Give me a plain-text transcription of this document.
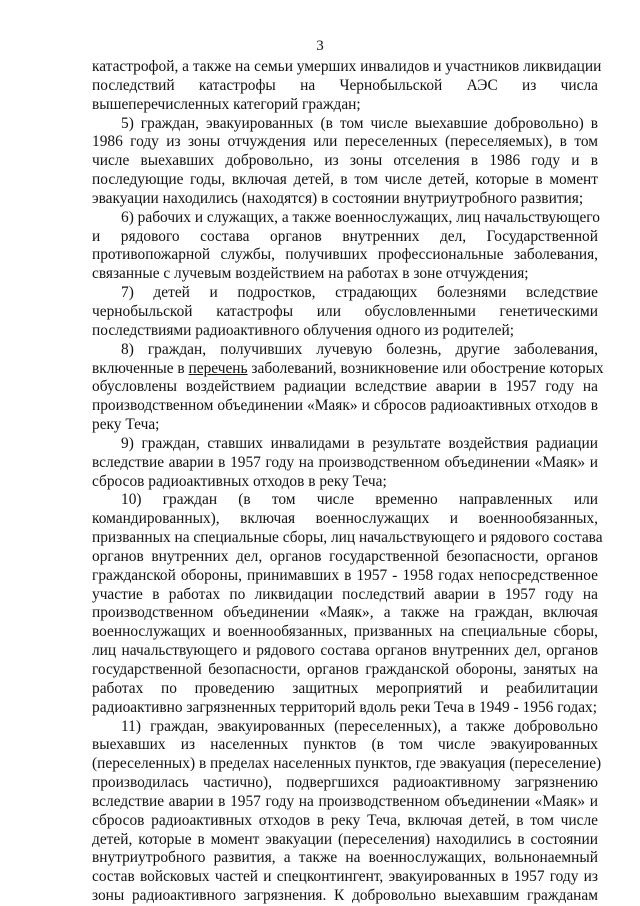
3
катастрофой, а также на семьи умерших инвалидов и участников ликвидации
последствий катастрофы на Чернобыльской АЭС из числа
вышеперечисленных категорий граждан;
5) граждан, эвакуированных (в том числе выехавшие добровольно) в
1986 году из зоны отчуждения или переселенных (переселяемых), в том
числе выехавших добровольно, из зоны отселения в 1986 году и в
последующие годы, включая детей, в том числе детей, которые в момент
эвакуации находились (находятся) в состоянии внутриутробного развития;
6) рабочих и служащих, а также военнослужащих, лиц начальствующего
и рядового состава органов внутренних дел, Государственной
противопожарной службы, получивших профессиональные заболевания,
связанные с лучевым воздействием на работах в зоне отчуждения;
7) детей и подростков, страдающих болезнями вследствие
чернобыльской катастрофы или обусловленными генетическими
последствиями радиоактивного облучения одного из родителей;
8) граждан, получивших лучевую болезнь, другие заболевания,
включенные в перечень заболеваний, возникновение или обострение которых
обусловлены воздействием радиации вследствие аварии в 1957 году на
производственном объединении «Маяк» и сбросов радиоактивных отходов в
реку Теча;
9) граждан, ставших инвалидами в результате воздействия радиации
вследствие аварии в 1957 году на производственном объединении «Маяк» и
сбросов радиоактивных отходов в реку Теча;
10) граждан (в том числе временно направленных или
командированных), включая военнослужащих и военнообязанных,
призванных на специальные сборы, лиц начальствующего и рядового состава
органов внутренних дел, органов государственной безопасности, органов
гражданской обороны, принимавших в 1957 - 1958 годах непосредственное
участие в работах по ликвидации последствий аварии в 1957 году на
производственном объединении «Маяк», а также на граждан, включая
военнослужащих и военнообязанных, призванных на специальные сборы,
лиц начальствующего и рядового состава органов внутренних дел, органов
государственной безопасности, органов гражданской обороны, занятых на
работах по проведению защитных мероприятий и реабилитации
радиоактивно загрязненных территорий вдоль реки Теча в 1949 - 1956 годах;
11) граждан, эвакуированных (переселенных), а также добровольно
выехавших из населенных пунктов (в том числе эвакуированных
(переселенных) в пределах населенных пунктов, где эвакуация (переселение)
производилась частично), подвергшихся радиоактивному загрязнению
вследствие аварии в 1957 году на производственном объединении «Маяк» и
сбросов радиоактивных отходов в реку Теча, включая детей, в том числе
детей, которые в момент эвакуации (переселения) находились в состоянии
внутриутробного развития, а также на военнослужащих, вольнонаемный
состав войсковых частей и спецконтингент, эвакуированных в 1957 году из
зоны радиоактивного загрязнения. К добровольно выехавшим гражданам
